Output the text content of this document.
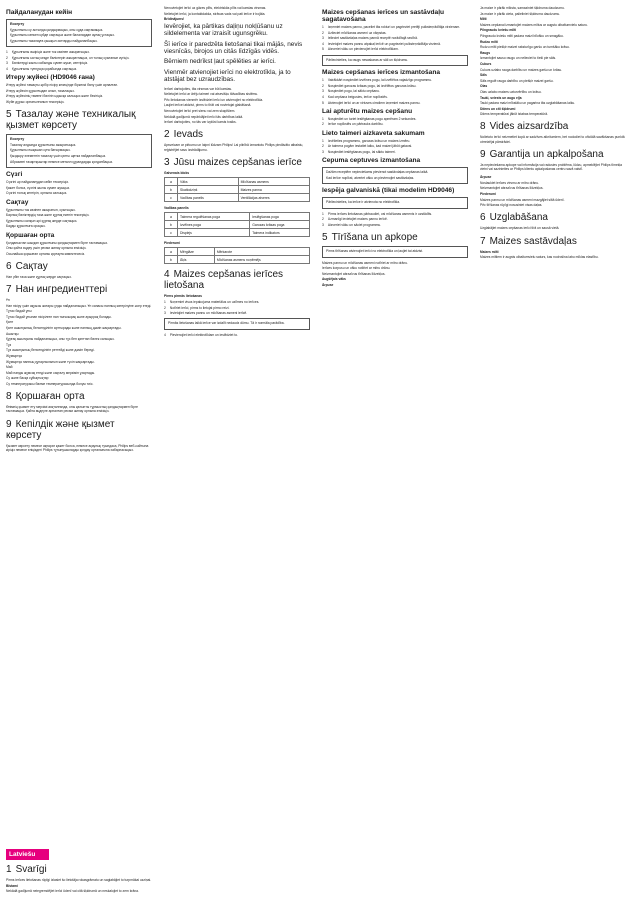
Пайдаланудан кейін
Ескерту
Құрылғыны су астында қалдырмаңыз, оны суда сақтамаңыз.
Құрылғыны кепкен күйде сақтаңыз және балалардан аулақ ұстаңыз.
Құрылғыны тазалауға қышқыл заттарды пайдаланбаңыз.
1 Құрылғыны өшіріңіз және ток көзінен ажыратыңыз.
2 Құрылғыны ыстық кезде бөліктерін ажыратпаңыз, ол толық суығанын күтіңіз.
3 Бөліктерді жылы сабынды сумен жуып, кептіріңіз.
4 Құрылғыны түпнұсқа қорабында сақтаңыз.
Итеру жүйесі (HD9046 ғана)
Итеру жүйесі тамақты әрбір пісіру кезеңінде біркелкі бөлу үшін арналған.
Итеру жүйесін құрылғыдан алып, тазалаңыз.
Итеру жүйесінің төменгі бөлігін ыдысқа салыңыз және бекітіңіз.
Жүйе дұрыс орнатылғанын тексеріңіз.
5 Тазалау және техникалық қызмет көрсету
Ескерту
Тазалау алдында құрылғыны ажыратыңыз.
Құрылғыны ешқашан суға батырмаңыз.
Қыздыру элементін тазалау үшін қатты щетка пайдаланбаңыз.
Абразивті тазартқыштар немесе металл құралдарды қолданбаңыз.
Сүзгі
Сүзгіні әр пайдаланудан кейін тексеріңіз.
Қажет болса, сүзгіні жылы сумен жуыңыз.
Сүзгіні толық кептіріп, орнына салыңыз.
Сақтау
Құрылғыны ток көзінен ажыратып, суытыңыз.
Барлық бөліктердің таза және құрғақ екенін тексеріңіз.
Құрылғыны салқын әрі құрғақ жерде сақтаңыз.
Бауды құрылғыға ораңыз.
Қоршаған орта
Қолданыстан шыққан құрылғыны қалдықтармен бірге тастамаңыз.
Оны қайта өңдеу үшін ресми жинау орнына өткізіңіз.
Осылайша қоршаған ортаны қорғауға көмектесесіз.
6 Сақтау
Нан үйін таза және құрғақ жерде сақтаңыз.
7 Нан ингредиенттері
Ұн
Нан пісіру үшін ақуызы жоғары ұнды пайдаланыңыз. Ұн сапасы нанның көтерілуіне әсер етеді.
Тұтас бидай ұны
Тұтас бидай ұнынан пісірілген нан тығызырақ және ауыррақ болады.
Қант
Қант ашытқының белсенділігін арттырады және нанның дәмін жақсартады.
Ашытқы
Құрғақ ашытқыны пайдаланыңыз, оны тұз бен қанттан бөлек салыңыз.
Тұз
Тұз ашытқының белсенділігін реттейді және дәмін береді.
Жұмыртқа
Жұмыртқа нанның құнарлылығын және түсін жақсартады.
Май
Май нанды жұмсақ етеді және сақталу мерзімін ұзартады.
Су және басқа сұйықтықтар
Су температурасы бөлме температурасында болуы тиіс.
8 Қоршаған орта
Өнімнің қызмет ету мерзімі аяқталғанда, оны қалыпты тұрмыстық қалдықтармен бірге тастамаңыз. Қайта өңдеуге арналған ресми жинау орнына өткізіңіз.
9 Кепілдік және қызмет көрсету
Қызмет көрсету немесе ақпарат қажет болса, немесе ақаулық туындаса, Philips веб-сайтына кіріңіз немесе еліңіздегі Philips тұтынушыларды қолдау орталығына хабарласыңыз.
Latviešu
1 Svarīgi
Pirms ierīces lietošanas rūpīgi izlasiet šo lietotāja rokasgrāmatu un saglabājiet to turpmākai uzziņai.
Bīstami
Nekādā gadījumā neiegremdējiet ierīci ūdenī vai citā šķidrumā un neskalojiet to zem krāna.
Nenovietojiet ierīci uz gāzes plīts, elektriskās plīts vai karstas virsmas.
Nelietojiet ierīci, ja kontaktdakša, strāvas vads vai pati ierīce ir bojāta.
Brīdinājums!
Ievērojiet, ka pārtikas daļiņu nokļūšanu uz sildelementa var izraisīt ugunsgrēku.
Šī ierīce ir paredzēta lietošanai tikai mājās, nevis viesnīcās, birojos un citās līdzīgās vidēs.
Bērniem nedrīkst ļaut spēlēties ar ierīci.
Vienmēr atvienojiet ierīci no elektrotīkla, ja to atstājat bez uzraudzības.
Ierīcei darbojoties, tās virsmas var būt karstas.
Nelietojiet ierīci ar ārēju taimeri vai atsevišķu tālvadības sistēmu.
Pēc lietošanas vienmēr izslēdziet ierīci un atvienojiet no elektrotīkla.
Ļaujiet ierīcei atdzist, pirms to tīrāt vai novietojat glabāšanā.
Nenovietojiet ierīci pret sienu vai zem skapīšiem.
Nekādā gadījumā nepārklājiet ierīci tās darbības laikā.
Ierīcei darbojoties, no tās var izplūst karsts tvaiks.
2 Ievads
Apsveicam ar pirkumu un laipni lūdzam Philips! Lai pilnībā izmantotu Philips piedāvāto atbalstu, reģistrējiet savu izstrādājumu.
3 Jūsu maizes cepšanas ierīce
Galvenais bloks
a	Vāks	Mīcīšanas asmens
b	Skatlodziņš	Maizes panna
c	Vadības panelis	Ventilācijas atveres
Vadības panelis
a	Taimera regulēšanas poga	Ieslēgšanas poga
b	Izvēlnes poga	Garozas krāsas poga
c	Displejs	Taimera indikators
Piederumi
a	Mērglāze	Mērkarote
b	Āķis	Mīcīšanas asmens noņēmējs
4 Maizes cepšanas ierīces lietošana
Pirms pirmās lietošanas
1 Noņemiet visus iepakojuma materiālus un uzlīmes no ierīces.
2 Notīriet ierīci, pirms to lietojat pirmo reizi.
3 Ievietojiet maizes pannu un mīcīšanas asmeni ierīcē.
Pirmās lietošanas laikā ierīce var izdalīt nedaudz dūmu. Tā ir normāla parādība.
4 Pievienojiet ierīci elektrotīklam un ieslēdziet to.
Maizes cepšanas ierīces un sastāvdaļu sagatavošana
1 Izņemiet maizes pannu, paceliet tās rokturi un pagrieziet pretēji pulksteņrādītāja virzienam.
2 Uzlieciet mīcīšanas asmeni uz vārpstas.
3 Ielieciet sastāvdaļas maizes pannā receptē norādītajā secībā.
4 Ievietojiet maizes pannu atpakaļ ierīcē un pagrieziet pulksteņrādītāja virzienā.
5 Aizveriet vāku un pievienojiet ierīci elektrotīklam.
Pārliecinieties, ka raugs nesaskaras ar sāli un šķidrumu.
Maizes cepšanas ierīces izmantošana
1 Vairākkārt nospiediet izvēlnes pogu, lai izvēlētos vajadzīgo programmu.
2 Nospiediet garozas krāsas pogu, lai izvēlētos garozas krāsu.
3 Nospiediet pogu, lai sāktu cepšanu.
4 Kad cepšana beigusies, ierīce nopīkstēs.
5 Atvienojiet ierīci un ar virtuves cimdiem izņemiet maizes pannu.
Lai apturētu maizes cepšanu
1 Nospiediet un turiet ieslēgšanas pogu apmēram 2 sekundes.
2 Ierīce nopīkstēs un pārtrauks darbību.
Lieto taimeri aizkaveta sakumam
1 Izvēlieties programmu, garozas krāsu un maizes izmēru.
2 Ar taimera pogām iestatiet laiku, kad maizei jābūt gatavai.
3 Nospiediet ieslēgšanas pogu, lai sāktu taimeri.
Cepuma ceptuves izmantošana
Dažām receptēm nepieciešams pievienot sastāvdaļas cepšanas laikā.
Kad ierīce nopīkst, atveriet vāku un pievienojiet sastāvdaļas.
Iespēja galvaniskā (tikai modelim HD9046)
Pārliecinieties, ka ierīce ir atvienota no elektrotīkla.
1 Pirms ierīces lietošanas pārbaudiet, vai mīcīšanas asmenis ir uzstādīts.
2 Uzmanīgi ievietojiet maizes pannu ierīcē.
3 Aizveriet vāku un sāciet programmu.
5 Tīrīšana un apkope
Pirms tīrīšanas atvienojiet ierīci no elektrotīkla un ļaujiet tai atdzist.
Maizes pannu un mīcīšanas asmeni notīriet ar mitru drānu.
Ierīces korpusu un vāku notīriet ar mitru drānu.
Neizmantojiet abrazīvus tīrīšanas līdzekļus.
Augšējais vāks
Ārpuse
Ja maize ir pārāk mīksta, samaziniet šķidruma daudzumu.
Ja maize ir pārāk cieta, palieliniet šķidruma daudzumu.
Milti
Maizes cepšanai izmantojiet maizes miltus ar augstu olbaltumvielu saturu.
Pilngraudu kviešu milti
Pilngraudu kviešu milti padara maizi blīvāku un smagāku.
Rudzu milti
Rudzu milti piešķir maizei raksturīgu garšu un tumšāku krāsu.
Raugs
Izmantojiet sauso raugu un nelieciet to tieši pie sāls.
Cukurs
Cukurs uzlabo rauga darbību un maizes garšu un krāsu.
Sāls
Sāls regulē rauga darbību un piešķir maizei garšu.
Olas
Olas uzlabo maizes uzturvērtību un krāsu.
Tauki, sviests un augu eļļa
Tauki padara maizi mīkstāku un pagarina tās uzglabāšanas laiku.
Ūdens un citi šķidrumi
Ūdens temperatūrai jābūt istabas temperatūrā.
8 Vides aizsardzība
Nolietoto ierīci neizmetiet kopā ar sadzīves atkritumiem, bet nododiet to oficiālā savākšanas punktā otrreizējai pārstrādei.
9 Garantija un apkalpošana
Ja nepieciešama apkope vai informācija vai radusies problēma, lūdzu, apmeklējiet Philips tīmekļa vietni vai sazinieties ar Philips klientu apkalpošanas centru savā valstī.
Ārpuse
Noslaukiet ierīces virsmu ar mitru drānu.
Neizmantojiet abrazīvus tīrīšanas līdzekļus.
Piederumi
Maizes pannu un mīcīšanas asmeni mazgājiet siltā ūdenī.
Pēc tīrīšanas rūpīgi nosusiniet visas daļas.
6 Uzglabāšana
Uzglabājiet maizes cepšanas ierīci tīrā un sausā vietā.
7 Maizes sastāvdaļas
Maizes milti
Maizes miltiem ir augsts olbaltumvielu saturs, kas nodrošina labu mīklas elastību.
